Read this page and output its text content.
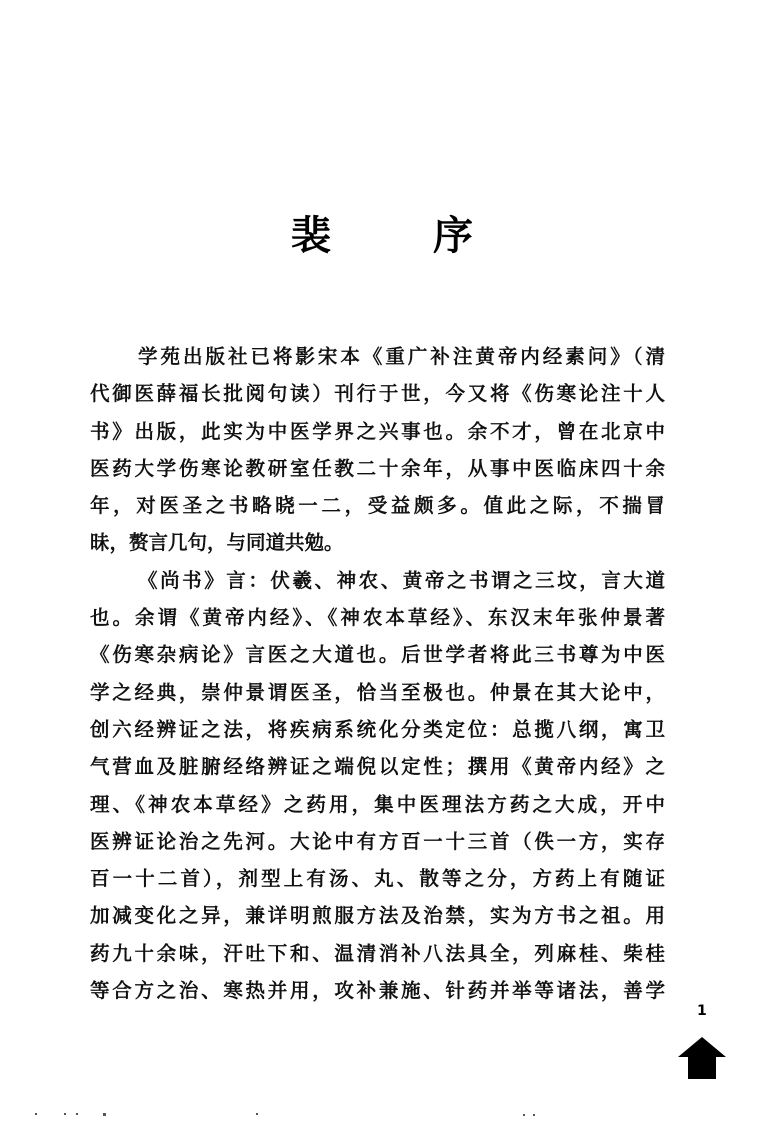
裴 序
学苑出版社已将影宋本《重广补注黄帝内经素问》（清
代御医薛福长批阅句读）刊行于世，今又将《伤寒论注十人
书》出版，此实为中医学界之兴事也。余不才，曾在北京中
医药大学伤寒论教研室任教二十余年，从事中医临床四十余
年，对医圣之书略晓一二，受益颇多。值此之际，不揣冒
昧，赘言几句，与同道共勉。
《尚书》言：伏羲、神农、黄帝之书谓之三坟，言大道
也。余谓《黄帝内经》、《神农本草经》、东汉末年张仲景著
《伤寒杂病论》言医之大道也。后世学者将此三书尊为中医
学之经典，崇仲景谓医圣，恰当至极也。仲景在其大论中，
创六经辨证之法，将疾病系统化分类定位：总揽八纲，寓卫
气营血及脏腑经络辨证之端倪以定性；撰用《黄帝内经》之
理、《神农本草经》之药用，集中医理法方药之大成，开中
医辨证论治之先河。大论中有方百一十三首（佚一方，实存
百一十二首），剂型上有汤、丸、散等之分，方药上有随证
加减变化之异，兼详明煎服方法及治禁，实为方书之祖。用
药九十余味，汗吐下和、温清消补八法具全，列麻桂、柴桂
等合方之治、寒热并用，攻补兼施、针药并举等诸法，善学
1
